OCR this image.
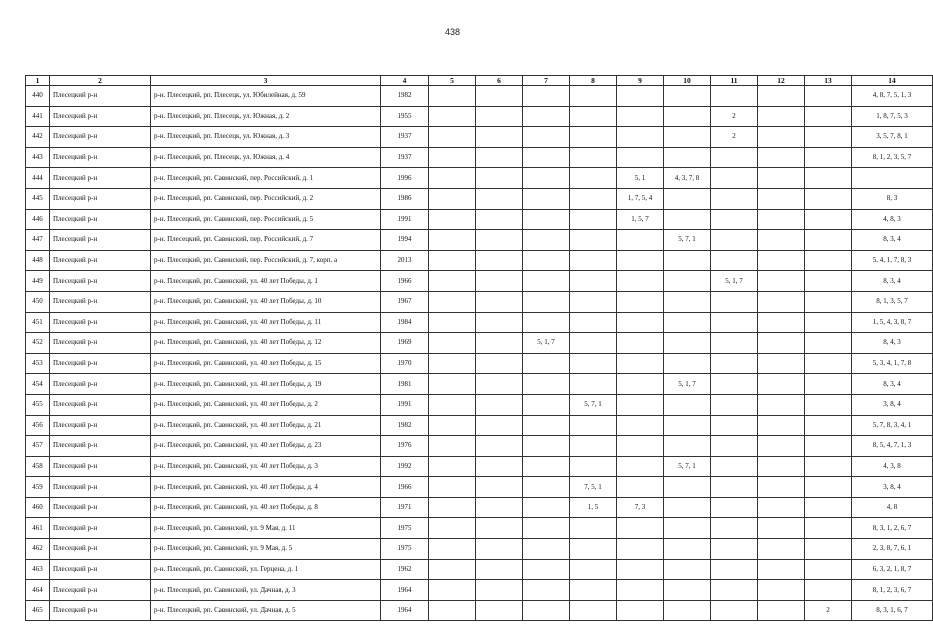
438
1	2	3	4	5	6	7	8	9	10	11	12	13	14
440	Плесецкий р-н	р-н. Плесецкий, рп. Плесецк, ул. Юбилейная, д. 59	1982										4, 8, 7, 5, 1, 3
441	Плесецкий р-н	р-н. Плесецкий, рп. Плесецк, ул. Южная, д. 2	1955							2			1, 8, 7, 5, 3
442	Плесецкий р-н	р-н. Плесецкий, рп. Плесецк, ул. Южная, д. 3	1937							2			3, 5, 7, 8, 1
443	Плесецкий р-н	р-н. Плесецкий, рп. Плесецк, ул. Южная, д. 4	1937										8, 1, 2, 3, 5, 7
444	Плесецкий р-н	р-н. Плесецкий, рп. Савинский, пер. Российский, д. 1	1996					5, 1	4, 3, 7, 8				
445	Плесецкий р-н	р-н. Плесецкий, рп. Савинский, пер. Российский, д. 2	1986					1, 7, 5, 4					8, 3
446	Плесецкий р-н	р-н. Плесецкий, рп. Савинский, пер. Российский, д. 5	1991					1, 5, 7					4, 8, 3
447	Плесецкий р-н	р-н. Плесецкий, рп. Савинский, пер. Российский, д. 7	1994						5, 7, 1				8, 3, 4
448	Плесецкий р-н	р-н. Плесецкий, рп. Савинский, пер. Российский, д. 7, корп. а	2013										5, 4, 1, 7, 8, 3
449	Плесецкий р-н	р-н. Плесецкий, рп. Савинский, ул. 40 лет Победы, д. 1	1966							5, 1, 7			8, 3, 4
450	Плесецкий р-н	р-н. Плесецкий, рп. Савинский, ул. 40 лет Победы, д. 10	1967										8, 1, 3, 5, 7
451	Плесецкий р-н	р-н. Плесецкий, рп. Савинский, ул. 40 лет Победы, д. 11	1984										1, 5, 4, 3, 8, 7
452	Плесецкий р-н	р-н. Плесецкий, рп. Савинский, ул. 40 лет Победы, д. 12	1969			5, 1, 7							8, 4, 3
453	Плесецкий р-н	р-н. Плесецкий, рп. Савинский, ул. 40 лет Победы, д. 15	1970										5, 3, 4, 1, 7, 8
454	Плесецкий р-н	р-н. Плесецкий, рп. Савинский, ул. 40 лет Победы, д. 19	1981						5, 1, 7				8, 3, 4
455	Плесецкий р-н	р-н. Плесецкий, рп. Савинский, ул. 40 лет Победы, д. 2	1991				5, 7, 1						3, 8, 4
456	Плесецкий р-н	р-н. Плесецкий, рп. Савинский, ул. 40 лет Победы, д. 21	1982										5, 7, 8, 3, 4, 1
457	Плесецкий р-н	р-н. Плесецкий, рп. Савинский, ул. 40 лет Победы, д. 23	1976										8, 5, 4, 7, 1, 3
458	Плесецкий р-н	р-н. Плесецкий, рп. Савинский, ул. 40 лет Победы, д. 3	1992						5, 7, 1				4, 3, 8
459	Плесецкий р-н	р-н. Плесецкий, рп. Савинский, ул. 40 лет Победы, д. 4	1966				7, 5, 1						3, 8, 4
460	Плесецкий р-н	р-н. Плесецкий, рп. Савинский, ул. 40 лет Победы, д. 8	1971				1, 5	7, 3					4, 8
461	Плесецкий р-н	р-н. Плесецкий, рп. Савинский, ул. 9 Мая, д. 11	1975										8, 3, 1, 2, 6, 7
462	Плесецкий р-н	р-н. Плесецкий, рп. Савинский, ул. 9 Мая, д. 5	1975										2, 3, 8, 7, 6, 1
463	Плесецкий р-н	р-н. Плесецкий, рп. Савинский, ул. Герцена, д. 1	1962										6, 3, 2, 1, 8, 7
464	Плесецкий р-н	р-н. Плесецкий, рп. Савинский, ул. Дачная, д. 3	1964										8, 1, 2, 3, 6, 7
465	Плесецкий р-н	р-н. Плесецкий, рп. Савинский, ул. Дачная, д. 5	1964									2	8, 3, 1, 6, 7
